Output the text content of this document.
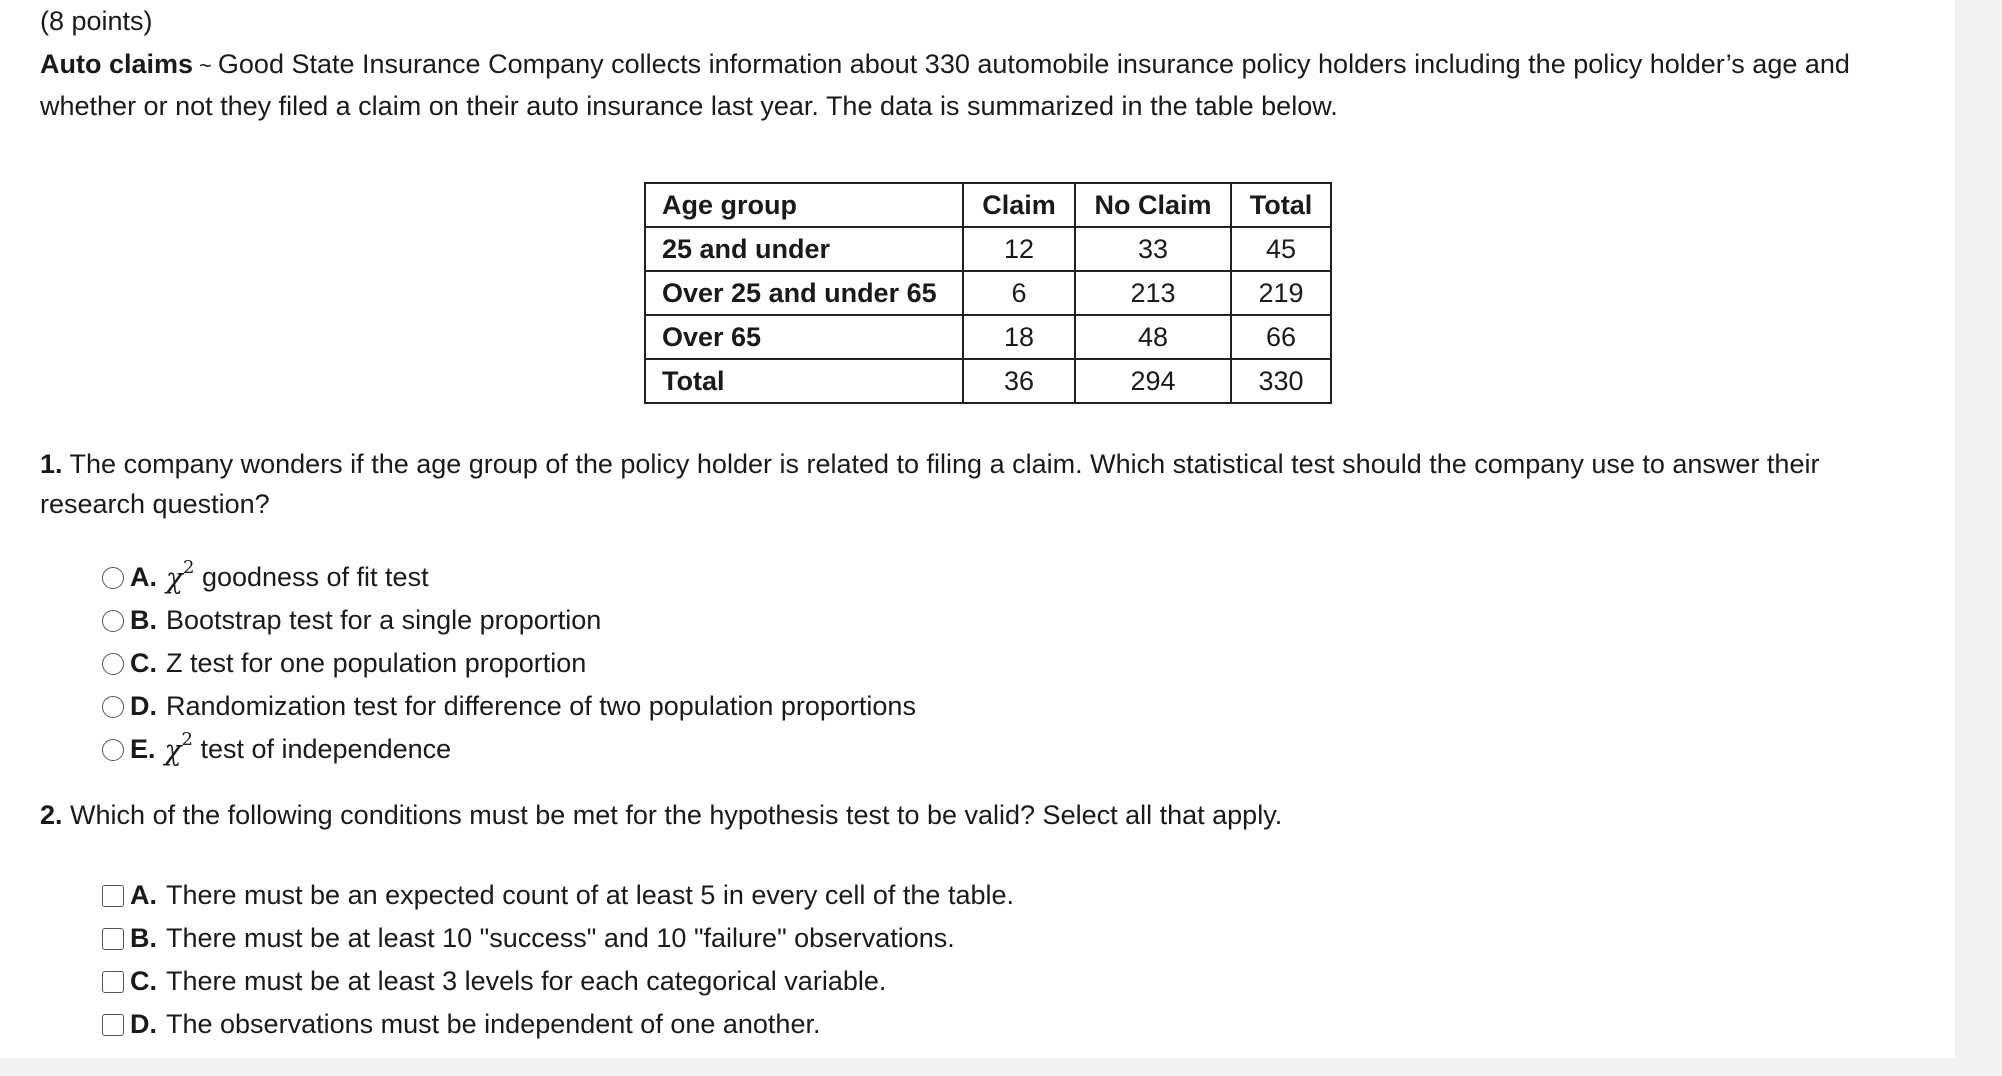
(8 points)
Auto claims ~ Good State Insurance Company collects information about 330 automobile insurance policy holders including the policy holder’s age and whether or not they filed a claim on their auto insurance last year. The data is summarized in the table below.
Age group	Claim	No Claim	Total
25 and under	12	33	45
Over 25 and under 65	6	213	219
Over 65	18	48	66
Total	36	294	330
1. The company wonders if the age group of the policy holder is related to filing a claim. Which statistical test should the company use to answer their research question?
A. $\chi^2$
goodness of fit test
B. Bootstrap test for a single proportion
C. Z test for one population proportion
D. Randomization test for difference of two population proportions
E. $\chi^2$
test of independence
2. Which of the following conditions must be met for the hypothesis test to be valid? Select all that apply.
A. There must be an expected count of at least 5 in every cell of the table.
B. There must be at least 10 "success" and 10 "failure" observations.
C. There must be at least 3 levels for each categorical variable.
D. The observations must be independent of one another.
